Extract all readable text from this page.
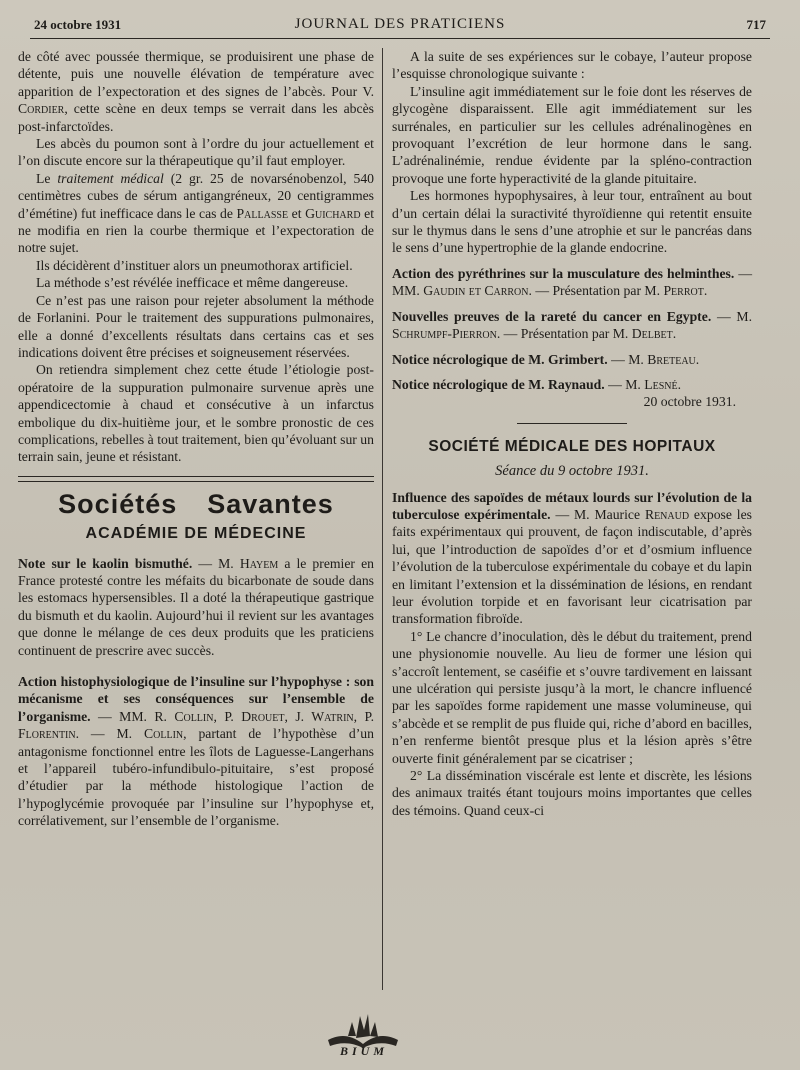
24 octobre 1931	JOURNAL DES PRATICIENS	717

de côté avec poussée thermique, se produisirent une phase de détente, puis une nouvelle élévation de température avec apparition de l’expectoration et des signes de l’abcès. Pour V. Cordier, cette scène en deux temps se verrait dans les abcès post-infarctoïdes.

Les abcès du poumon sont à l’ordre du jour actuellement et l’on discute encore sur la thérapeutique qu’il faut employer.

Le traitement médical (2 gr. 25 de novarsénobenzol, 540 centimètres cubes de sérum antigangréneux, 20 centigrammes d’émétine) fut inefficace dans le cas de Pallasse et Guichard et ne modifia en rien la courbe thermique et l’expectoration de notre sujet.

Ils décidèrent d’instituer alors un pneumothorax artificiel.

La méthode s’est révélée inefficace et même dangereuse.

Ce n’est pas une raison pour rejeter absolument la méthode de Forlanini. Pour le traitement des suppurations pulmonaires, elle a donné d’excellents résultats dans certains cas et ses indications doivent être précises et soigneusement réservées.

On retiendra simplement chez cette étude l’étiologie post-opératoire de la suppuration pulmonaire survenue après une appendicectomie à chaud et consécutive à un infarctus embolique du dix-huitième jour, et le sombre pronostic de ces complications, rebelles à tout traitement, bien qu’évoluant sur un terrain sain, jeune et résistant.

Sociétés Savantes
ACADÉMIE DE MÉDECINE

Note sur le kaolin bismuthé. — M. Hayem a le premier en France protesté contre les méfaits du bicarbonate de soude dans les estomacs hypersensibles. Il a doté la thérapeutique gastrique du bismuth et du kaolin. Aujourd’hui il revient sur les avantages que donne le mélange de ces deux produits que les praticiens continuent de prescrire avec succès.

Action histophysiologique de l’insuline sur l’hypophyse : son mécanisme et ses conséquences sur l’ensemble de l’organisme. — MM. R. Collin, P. Drouet, J. Watrin, P. Florentin. — M. Collin, partant de l’hypothèse d’un antagonisme fonctionnel entre les îlots de Laguesse-Langerhans et l’appareil tubéro-infundibulo-pituitaire, s’est proposé d’étudier par la méthode histologique l’action de l’hypoglycémie provoquée par l’insuline sur l’hypophyse et, corrélativement, sur l’ensemble de l’organisme.

A la suite de ses expériences sur le cobaye, l’auteur propose l’esquisse chronologique suivante :

L’insuline agit immédiatement sur le foie dont les réserves de glycogène disparaissent. Elle agit immédiatement sur les surrénales, en particulier sur les cellules adrénalinogènes en provoquant l’excrétion de leur hormone dans le sang. L’adrénalinémie, rendue évidente par la spléno-contraction provoque une forte hyperactivité de la glande pituitaire.

Les hormones hypophysaires, à leur tour, entraînent au bout d’un certain délai la suractivité thyroïdienne qui retentit ensuite sur le thymus dans le sens d’une atrophie et sur le pancréas dans le sens d’une hypertrophie de la glande endocrine.

Action des pyréthrines sur la musculature des helminthes. — MM. Gaudin et Carron. — Présentation par M. Perrot.

Nouvelles preuves de la rareté du cancer en Egypte. — M. Schrumpf-Pierron. — Présentation par M. Delbet.

Notice nécrologique de M. Grimbert. — M. Breteau.

Notice nécrologique de M. Raynaud. — M. Lesné.

20 octobre 1931.

SOCIÉTÉ MÉDICALE DES HOPITAUX
Séance du 9 octobre 1931.

Influence des sapoïdes de métaux lourds sur l’évolution de la tuberculose expérimentale. — M. Maurice Renaud expose les faits expérimentaux qui prouvent, de façon indiscutable, d’après lui, que l’introduction de sapoïdes d’or et d’osmium influence l’évolution de la tuberculose expérimentale du cobaye et du lapin en limitant l’extension et la dissémination de lésions, en rendant leur évolution torpide et en favorisant leur cicatrisation par transformation fibroïde.

1° Le chancre d’inoculation, dès le début du traitement, prend une physionomie nouvelle. Au lieu de former une lésion qui s’accroît lentement, se caséifie et s’ouvre tardivement en laissant une ulcération qui persiste jusqu’à la mort, le chancre influencé par les sapoïdes forme rapidement une masse volumineuse, qui s’abcède et se remplit de pus fluide qui, riche d’abord en bacilles, n’en renferme bientôt presque plus et la lésion après s’être ouverte finit généralement par se cicatriser ;

2° La dissémination viscérale est lente et discrète, les lésions des animaux traités étant toujours moins importantes que celles des témoins. Quand ceux-ci

BIUM
